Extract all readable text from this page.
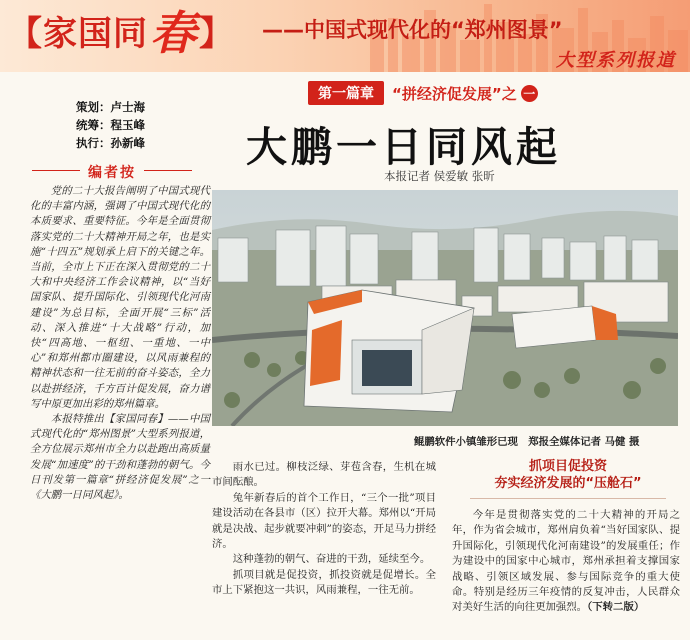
【 家国同 春 】 ——中国式现代化的“郑州图景”
大型系列报道
策划：卢士海
统筹：程玉峰
执行：孙新峰
编者按

党的二十大报告阐明了中国式现代化的丰富内涵，强调了中国式现代化的本质要求、重要特征。今年是全面贯彻落实党的二十大精神开局之年，也是实施“十四五”规划承上启下的关键之年。当前，全市上下正在深入贯彻党的二十大和中央经济工作会议精神，以“当好国家队、提升国际化、引领现代化河南建设”为总目标，全面开展“三标”活动、深入推进“十大战略”行动，加快“四高地、一枢纽、一重地、一中心”和郑州都市圈建设，以风雨兼程的精神状态和一往无前的奋斗姿态，全力以赴拼经济，千方百计促发展，奋力谱写中原更加出彩的郑州篇章。

本报特推出【家国同春】——中国式现代化的“郑州图景”大型系列报道，全方位展示郑州市全力以赴跑出高质量发展“加速度”的干劲和蓬勃的朝气。今日刊发第一篇章“拼经济促发展”之一《大鹏一日同风起》。

第一篇章	“拼经济促发展”之 一
大鹏一日同风起
本报记者 侯爱敏 张昕
鲲鹏软件小镇雏形已现　郑报全媒体记者 马健 摄

雨水已过。柳枝泛绿、芽苞含春，生机在城市间酝酿。

兔年新春后的首个工作日，“三个一批”项目建设活动在各县市（区）拉开大幕。郑州以“开局就是决战、起步就要冲刺”的姿态，开足马力拼经济。

这种蓬勃的朝气、奋进的干劲，延续至今。

抓项目就是促投资，抓投资就是促增长。全市上下紧抱这一共识，风雨兼程，一往无前。

抓项目促投资
夯实经济发展的“压舱石”

今年是贯彻落实党的二十大精神的开局之年，作为省会城市，郑州肩负着“当好国家队、提升国际化，引领现代化河南建设”的发展重任；作为建设中的国家中心城市，郑州承担着支撑国家战略、引领区域发展、参与国际竞争的重大使命。特别是经历三年疫情的反复冲击，人民群众对美好生活的向往更加强烈。（下转二版）
